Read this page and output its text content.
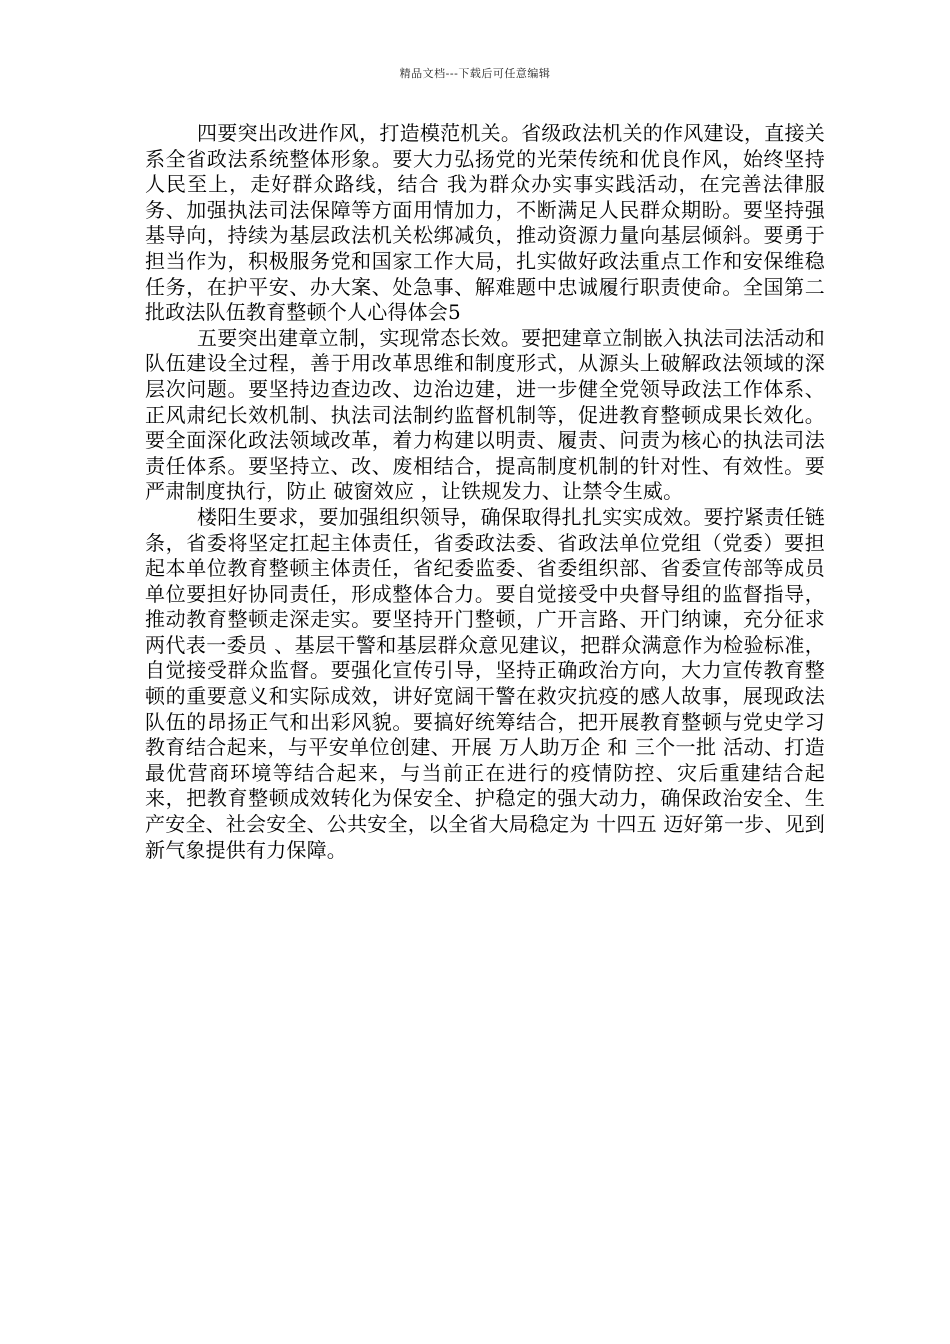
精品文档---下载后可任意编辑

四要突出改进作风，打造模范机关。省级政法机关的作风建设，直接关系全省政法系统整体形象。要大力弘扬党的光荣传统和优良作风，始终坚持人民至上，走好群众路线，结合 我为群众办实事实践活动，在完善法律服务、加强执法司法保障等方面用情加力，不断满足人民群众期盼。要坚持强基导向，持续为基层政法机关松绑减负，推动资源力量向基层倾斜。要勇于担当作为，积极服务党和国家工作大局，扎实做好政法重点工作和安保维稳任务，在护平安、办大案、处急事、解难题中忠诚履行职责使命。全国第二批政法队伍教育整顿个人心得体会5

五要突出建章立制，实现常态长效。要把建章立制嵌入执法司法活动和队伍建设全过程，善于用改革思维和制度形式，从源头上破解政法领域的深层次问题。要坚持边查边改、边治边建，进一步健全党领导政法工作体系、正风肃纪长效机制、执法司法制约监督机制等，促进教育整顿成果长效化。要全面深化政法领域改革，着力构建以明责、履责、问责为核心的执法司法责任体系。要坚持立、改、废相结合，提高制度机制的针对性、有效性。要严肃制度执行，防止 破窗效应 ，让铁规发力、让禁令生威。

楼阳生要求，要加强组织领导，确保取得扎扎实实成效。要拧紧责任链条，省委将坚定扛起主体责任，省委政法委、省政法单位党组（党委）要担起本单位教育整顿主体责任，省纪委监委、省委组织部、省委宣传部等成员单位要担好协同责任，形成整体合力。要自觉接受中央督导组的监督指导，推动教育整顿走深走实。要坚持开门整顿，广开言路、开门纳谏，充分征求 两代表一委员 、基层干警和基层群众意见建议，把群众满意作为检验标准，自觉接受群众监督。要强化宣传引导，坚持正确政治方向，大力宣传教育整顿的重要意义和实际成效，讲好宽阔干警在救灾抗疫的感人故事，展现政法队伍的昂扬正气和出彩风貌。要搞好统筹结合，把开展教育整顿与党史学习教育结合起来，与平安单位创建、开展 万人助万企 和 三个一批 活动、打造最优营商环境等结合起来，与当前正在进行的疫情防控、灾后重建结合起来，把教育整顿成效转化为保安全、护稳定的强大动力，确保政治安全、生产安全、社会安全、公共安全，以全省大局稳定为 十四五 迈好第一步、见到新气象提供有力保障。
